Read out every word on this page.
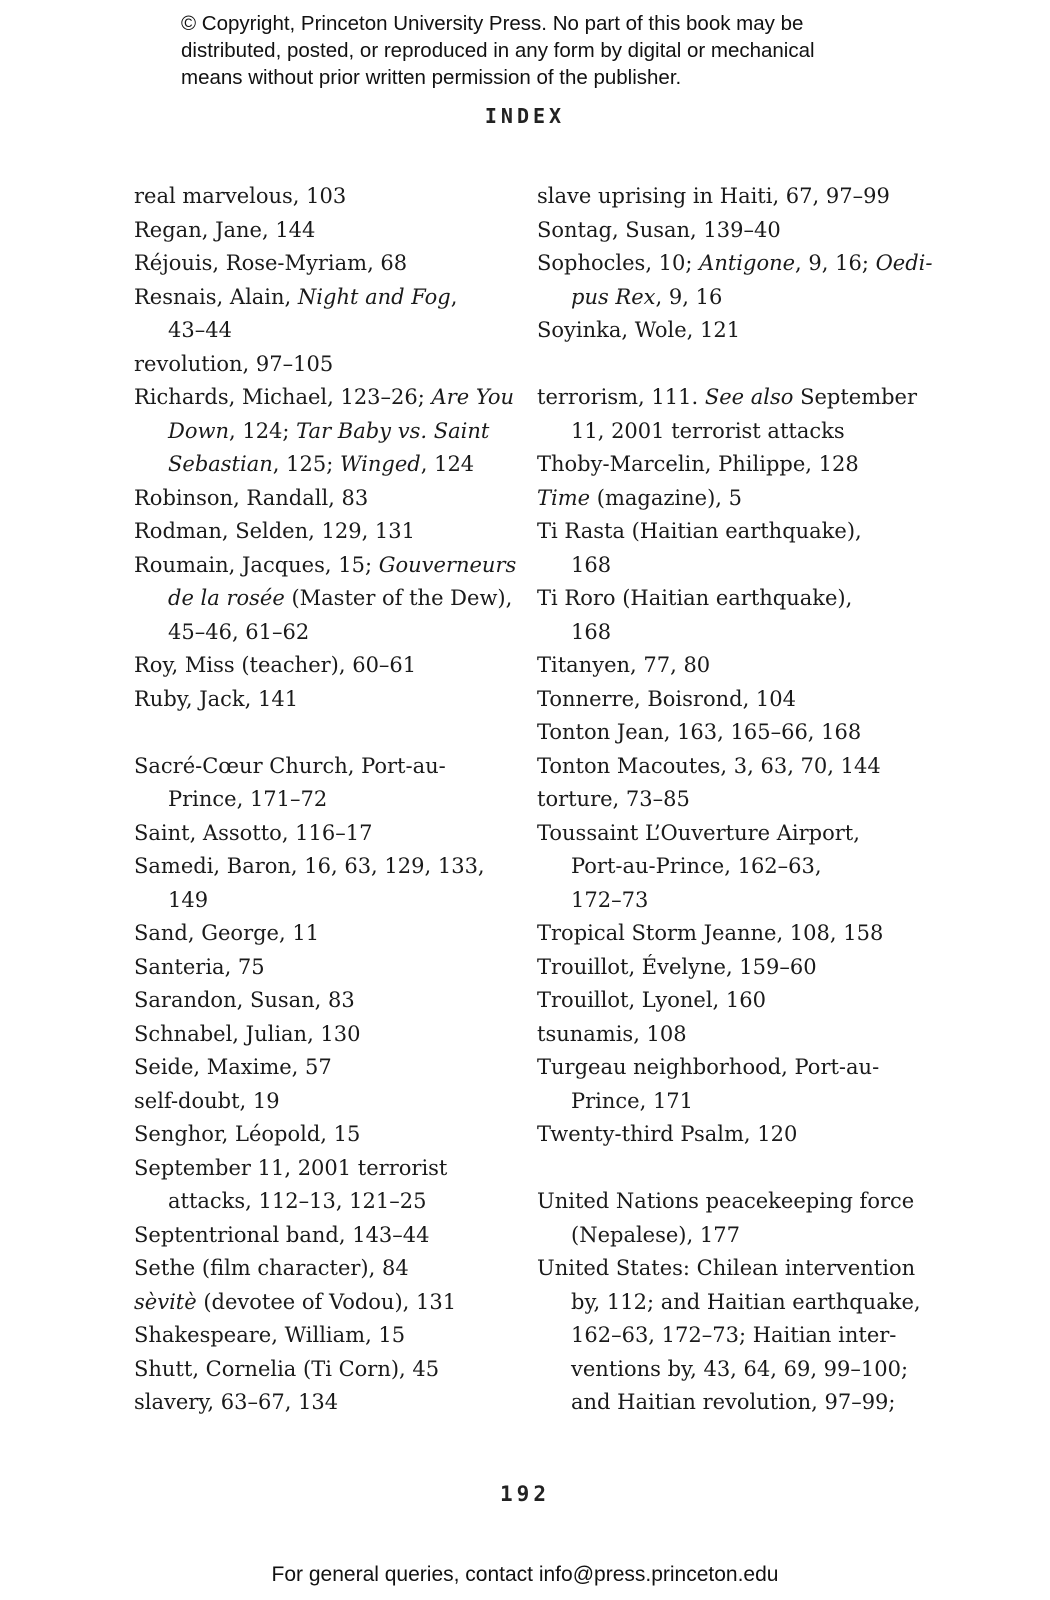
© Copyright, Princeton University Press. No part of this book may be
distributed, posted, or reproduced in any form by digital or mechanical
means without prior written permission of the publisher.
INDEX
real marvelous, 103
Regan, Jane, 144
Réjouis, Rose-Myriam, 68
Resnais, Alain, Night and Fog,
43–44
revolution, 97–105
Richards, Michael, 123–26; Are You
Down, 124; Tar Baby vs. Saint
Sebastian, 125; Winged, 124
Robinson, Randall, 83
Rodman, Selden, 129, 131
Roumain, Jacques, 15; Gouverneurs
de la rosée (Master of the Dew),
45–46, 61–62
Roy, Miss (teacher), 60–61
Ruby, Jack, 141
Sacré-Cœur Church, Port-au-
Prince, 171–72
Saint, Assotto, 116–17
Samedi, Baron, 16, 63, 129, 133,
149
Sand, George, 11
Santeria, 75
Sarandon, Susan, 83
Schnabel, Julian, 130
Seide, Maxime, 57
self-doubt, 19
Senghor, Léopold, 15
September 11, 2001 terrorist
attacks, 112–13, 121–25
Septentrional band, 143–44
Sethe (film character), 84
sèvitè (devotee of Vodou), 131
Shakespeare, William, 15
Shutt, Cornelia (Ti Corn), 45
slavery, 63–67, 134
slave uprising in Haiti, 67, 97–99
Sontag, Susan, 139–40
Sophocles, 10; Antigone, 9, 16; Oedi-
pus Rex, 9, 16
Soyinka, Wole, 121
terrorism, 111. See also September
11, 2001 terrorist attacks
Thoby-Marcelin, Philippe, 128
Time (magazine), 5
Ti Rasta (Haitian earthquake),
168
Ti Roro (Haitian earthquake),
168
Titanyen, 77, 80
Tonnerre, Boisrond, 104
Tonton Jean, 163, 165–66, 168
Tonton Macoutes, 3, 63, 70, 144
torture, 73–85
Toussaint L’Ouverture Airport,
Port-au-Prince, 162–63,
172–73
Tropical Storm Jeanne, 108, 158
Trouillot, Évelyne, 159–60
Trouillot, Lyonel, 160
tsunamis, 108
Turgeau neighborhood, Port-au-
Prince, 171
Twenty-third Psalm, 120
United Nations peacekeeping force
(Nepalese), 177
United States: Chilean intervention
by, 112; and Haitian earthquake,
162–63, 172–73; Haitian inter-
ventions by, 43, 64, 69, 99–100;
and Haitian revolution, 97–99;
192
For general queries, contact info@press.princeton.edu
